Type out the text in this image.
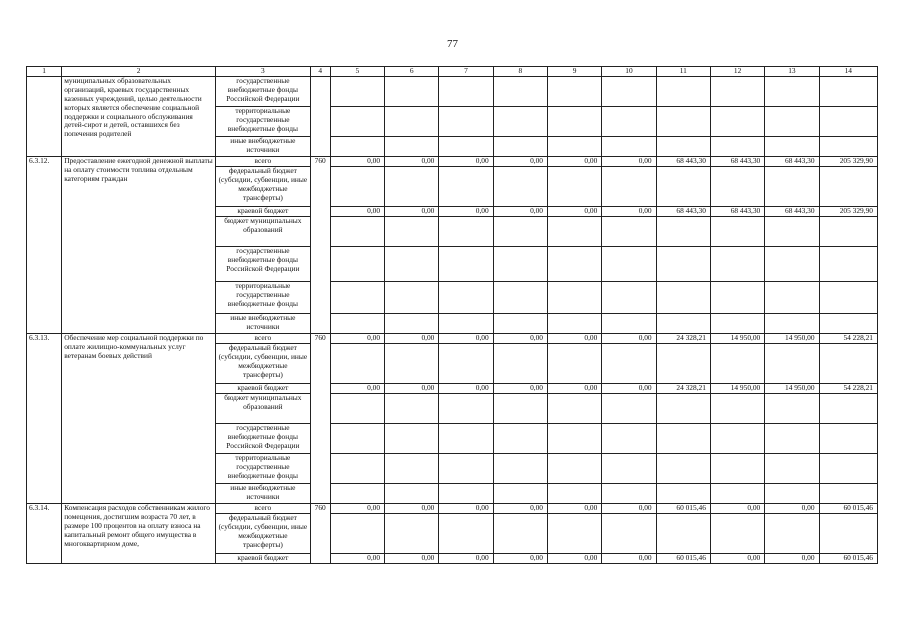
77
1	2	3	4	5	6	7	8	9	10	11	12	13	14
	муниципальных образовательных организаций, краевых государственных казенных учреждений, целью деятельности которых является обеспечение социальной поддержки и социального обслуживания детей-сирот и детей, оставшихся без попечения родителей	государственные внебюджетные фонды Российской Федерации											
		территориальные государственные внебюджетные фонды											
		иные внебюджетные источники											
6.3.12.	Предоставление ежегодной денежной выплаты на оплату стоимости топлива отдельным категориям граждан	всего	760	0,00	0,00	0,00	0,00	0,00	0,00	68 443,30	68 443,30	68 443,30	205 329,90
		федеральный бюджет (субсидии, субвенции, иные межбюджетные трансферты)											
		краевой бюджет		0,00	0,00	0,00	0,00	0,00	0,00	68 443,30	68 443,30	68 443,30	205 329,90
		бюджет муниципальных образований											
		государственные внебюджетные фонды Российской Федерации											
		территориальные государственные внебюджетные фонды											
		иные внебюджетные источники											
6.3.13.	Обеспечение мер социальной поддержки по оплате жилищно-коммунальных услуг ветеранам боевых действий	всего	760	0,00	0,00	0,00	0,00	0,00	0,00	24 328,21	14 950,00	14 950,00	54 228,21
		федеральный бюджет (субсидии, субвенции, иные межбюджетные трансферты)											
		краевой бюджет		0,00	0,00	0,00	0,00	0,00	0,00	24 328,21	14 950,00	14 950,00	54 228,21
		бюджет муниципальных образований											
		государственные внебюджетные фонды Российской Федерации											
		территориальные государственные внебюджетные фонды											
		иные внебюджетные источники											
6.3.14.	Компенсация расходов собственникам жилого помещения, достигшим возраста 70 лет, в размере 100 процентов на оплату взноса на капитальный ремонт общего имущества в многоквартирном доме,	всего	760	0,00	0,00	0,00	0,00	0,00	0,00	60 015,46	0,00	0,00	60 015,46
		федеральный бюджет (субсидии, субвенции, иные межбюджетные трансферты)											
		краевой бюджет		0,00	0,00	0,00	0,00	0,00	0,00	60 015,46	0,00	0,00	60 015,46
